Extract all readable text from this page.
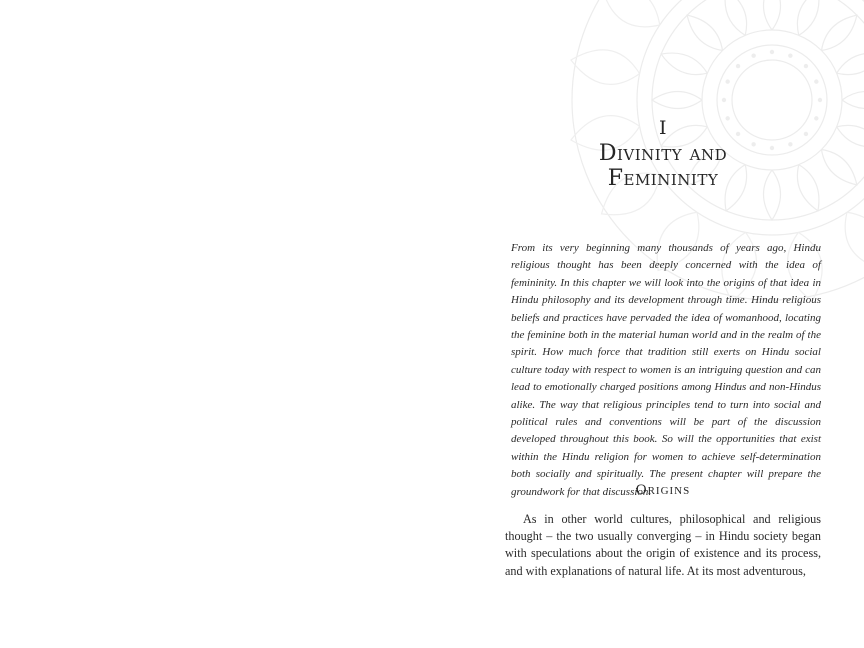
I
Divinity and
Femininity
From its very beginning many thousands of years ago, Hindu religious thought has been deeply concerned with the idea of femininity. In this chapter we will look into the origins of that idea in Hindu philosophy and its development through time. Hindu religious beliefs and practices have pervaded the idea of womanhood, locating the feminine both in the material human world and in the realm of the spirit. How much force that tradition still exerts on Hindu social culture today with respect to women is an intriguing question and can lead to emotionally charged positions among Hindus and non-Hindus alike. The way that religious principles tend to turn into social and political rules and conventions will be part of the discussion developed throughout this book. So will the opportunities that exist within the Hindu religion for women to achieve self-determination both socially and spiritually. The present chapter will prepare the groundwork for that discussion.
Origins
As in other world cultures, philosophical and religious thought – the two usually converging – in Hindu society began with speculations about the origin of existence and its process, and with explanations of natural life. At its most adventurous,
